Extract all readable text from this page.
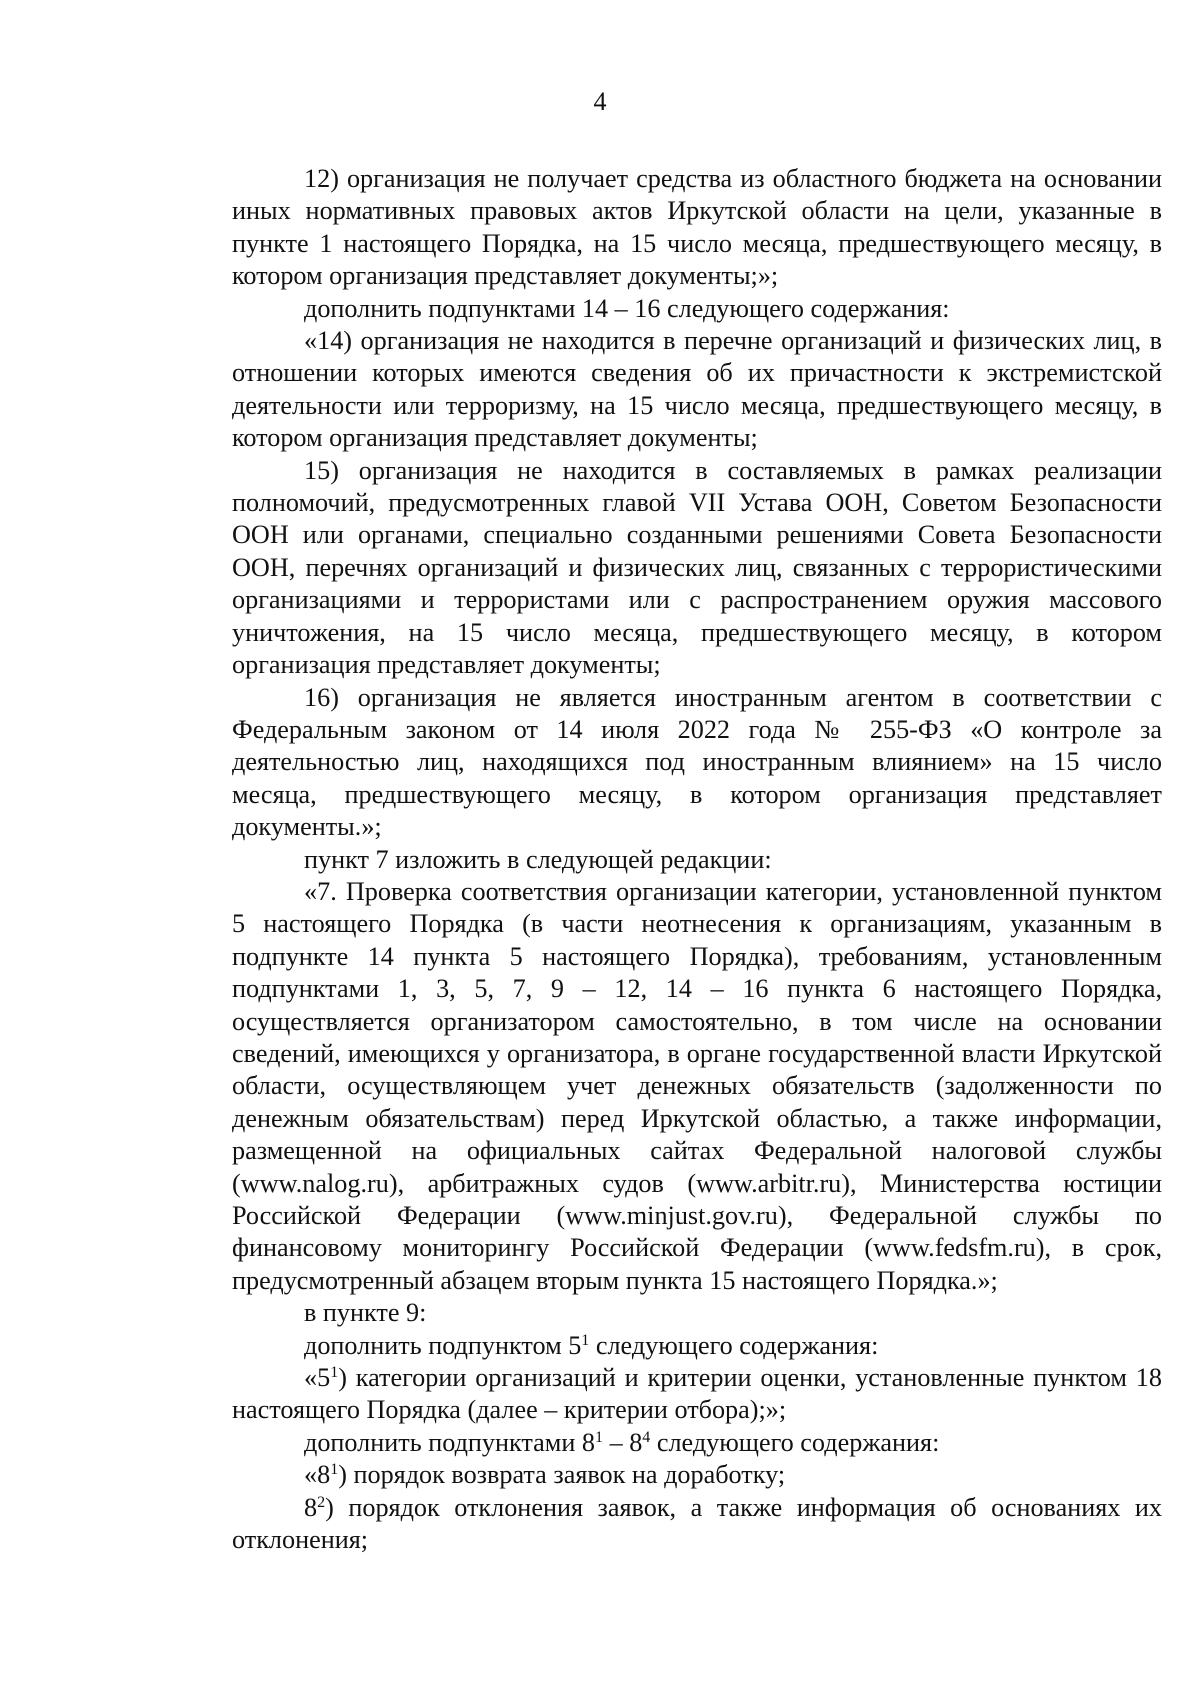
4

12) организация не получает средства из областного бюджета на основании иных нормативных правовых актов Иркутской области на цели, указанные в пункте 1 настоящего Порядка, на 15 число месяца, предшествующего месяцу, в котором организация представляет документы;»;

дополнить подпунктами 14 – 16 следующего содержания:

«14) организация не находится в перечне организаций и физических лиц, в отношении которых имеются сведения об их причастности к экстремистской деятельности или терроризму, на 15 число месяца, предшествующего месяцу, в котором организация представляет документы;

15) организация не находится в составляемых в рамках реализации полномочий, предусмотренных главой VII Устава ООН, Советом Безопасности ООН или органами, специально созданными решениями Совета Безопасности ООН, перечнях организаций и физических лиц, связанных с террористическими организациями и террористами или с распространением оружия массового уничтожения, на 15 число месяца, предшествующего месяцу, в котором организация представляет документы;

16) организация не является иностранным агентом в соответствии с Федеральным законом от 14 июля 2022 года № 255-ФЗ «О контроле за деятельностью лиц, находящихся под иностранным влиянием» на 15 число месяца, предшествующего месяцу, в котором организация представляет документы.»;

пункт 7 изложить в следующей редакции:

«7. Проверка соответствия организации категории, установленной пунктом 5 настоящего Порядка (в части неотнесения к организациям, указанным в подпункте 14 пункта 5 настоящего Порядка), требованиям, установленным подпунктами 1, 3, 5, 7, 9 – 12, 14 – 16 пункта 6 настоящего Порядка, осуществляется организатором самостоятельно, в том числе на основании сведений, имеющихся у организатора, в органе государственной власти Иркутской области, осуществляющем учет денежных обязательств (задолженности по денежным обязательствам) перед Иркутской областью, а также информации, размещенной на официальных сайтах Федеральной налоговой службы (www.nalog.ru), арбитражных судов (www.arbitr.ru), Министерства юстиции Российской Федерации (www.minjust.gov.ru), Федеральной службы по финансовому мониторингу Российской Федерации (www.fedsfm.ru), в срок, предусмотренный абзацем вторым пункта 15 настоящего Порядка.»;

в пункте 9:

дополнить подпунктом $5^1$ следующего содержания:

«$5^1$) категории организаций и критерии оценки, установленные пунктом 18 настоящего Порядка (далее – критерии отбора);»;

дополнить подпунктами $8^1 - 8^4$ следующего содержания:

«$8^1$) порядок возврата заявок на доработку;

$8^2$) порядок отклонения заявок, а также информация об основаниях их отклонения;
